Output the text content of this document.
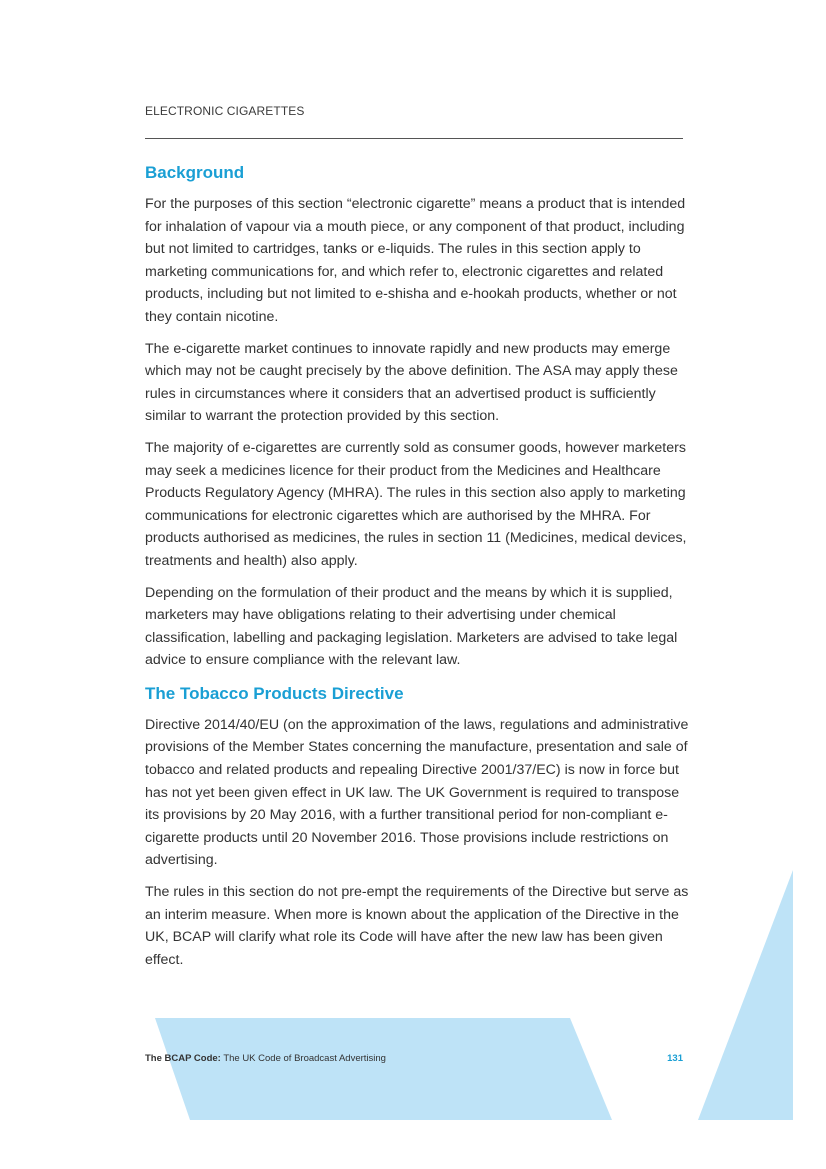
ELECTRONIC CIGARETTES
Background

For the purposes of this section “electronic cigarette” means a product that is intended for inhalation of vapour via a mouth piece, or any component of that product, including but not limited to cartridges, tanks or e-liquids. The rules in this section apply to marketing communications for, and which refer to, electronic cigarettes and related products, including but not limited to e-shisha and e-hookah products, whether or not they contain nicotine.

The e-cigarette market continues to innovate rapidly and new products may emerge which may not be caught precisely by the above definition. The ASA may apply these rules in circumstances where it considers that an advertised product is sufficiently similar to warrant the protection provided by this section.

The majority of e-cigarettes are currently sold as consumer goods, however marketers may seek a medicines licence for their product from the Medicines and Healthcare Products Regulatory Agency (MHRA). The rules in this section also apply to marketing communications for electronic cigarettes which are authorised by the MHRA. For products authorised as medicines, the rules in section 11 (Medicines, medical devices, treatments and health) also apply.

Depending on the formulation of their product and the means by which it is supplied, marketers may have obligations relating to their advertising under chemical classification, labelling and packaging legislation. Marketers are advised to take legal advice to ensure compliance with the relevant law.

The Tobacco Products Directive

Directive 2014/40/EU (on the approximation of the laws, regulations and administrative provisions of the Member States concerning the manufacture, presentation and sale of tobacco and related products and repealing Directive 2001/37/EC) is now in force but has not yet been given effect in UK law. The UK Government is required to transpose its provisions by 20 May 2016, with a further transitional period for non-compliant e-cigarette products until 20 November 2016. Those provisions include restrictions on advertising.

The rules in this section do not pre-empt the requirements of the Directive but serve as an interim measure. When more is known about the application of the Directive in the UK, BCAP will clarify what role its Code will have after the new law has been given effect.

The BCAP Code: The UK Code of Broadcast Advertising	131
